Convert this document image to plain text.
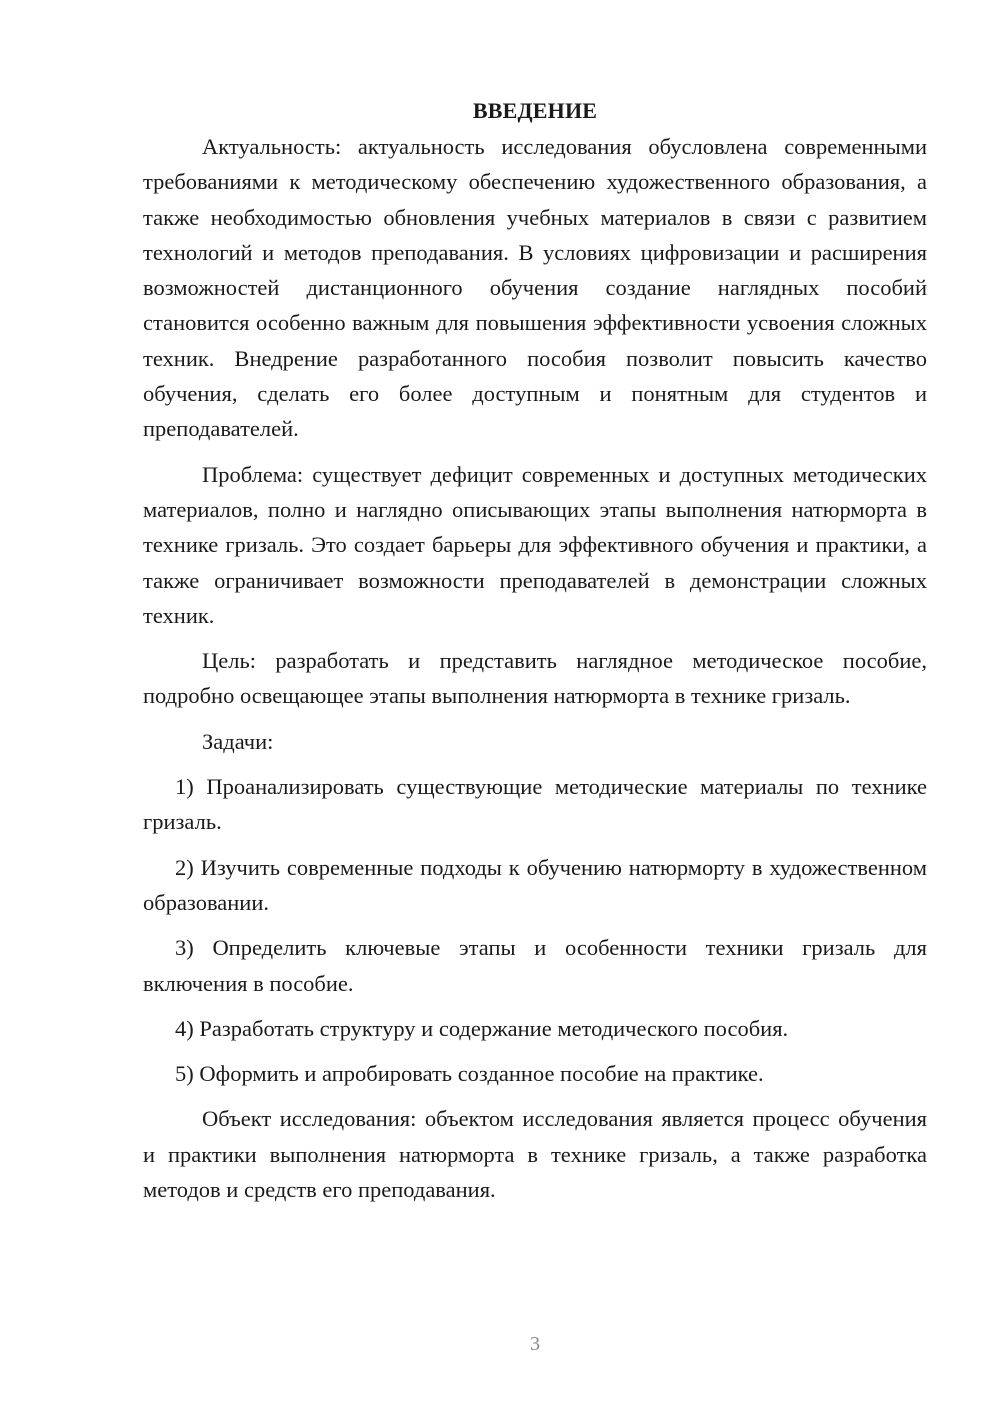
ВВЕДЕНИЕ

Актуальность: актуальность исследования обусловлена современными требованиями к методическому обеспечению художественного образования, а также необходимостью обновления учебных материалов в связи с развитием технологий и методов преподавания. В условиях цифровизации и расширения возможностей дистанционного обучения создание наглядных пособий становится особенно важным для повышения эффективности усвоения сложных техник. Внедрение разработанного пособия позволит повысить качество обучения, сделать его более доступным и понятным для студентов и преподавателей.

Проблема: существует дефицит современных и доступных методических материалов, полно и наглядно описывающих этапы выполнения натюрморта в технике гризаль. Это создает барьеры для эффективного обучения и практики, а также ограничивает возможности преподавателей в демонстрации сложных техник.

Цель: разработать и представить наглядное методическое пособие, подробно освещающее этапы выполнения натюрморта в технике гризаль.

Задачи:

1) Проанализировать существующие методические материалы по технике гризаль.

2) Изучить современные подходы к обучению натюрморту в художественном образовании.

3) Определить ключевые этапы и особенности техники гризаль для включения в пособие.

4) Разработать структуру и содержание методического пособия.

5) Оформить и апробировать созданное пособие на практике.

Объект исследования: объектом исследования является процесс обучения и практики выполнения натюрморта в технике гризаль, а также разработка методов и средств его преподавания.

3
